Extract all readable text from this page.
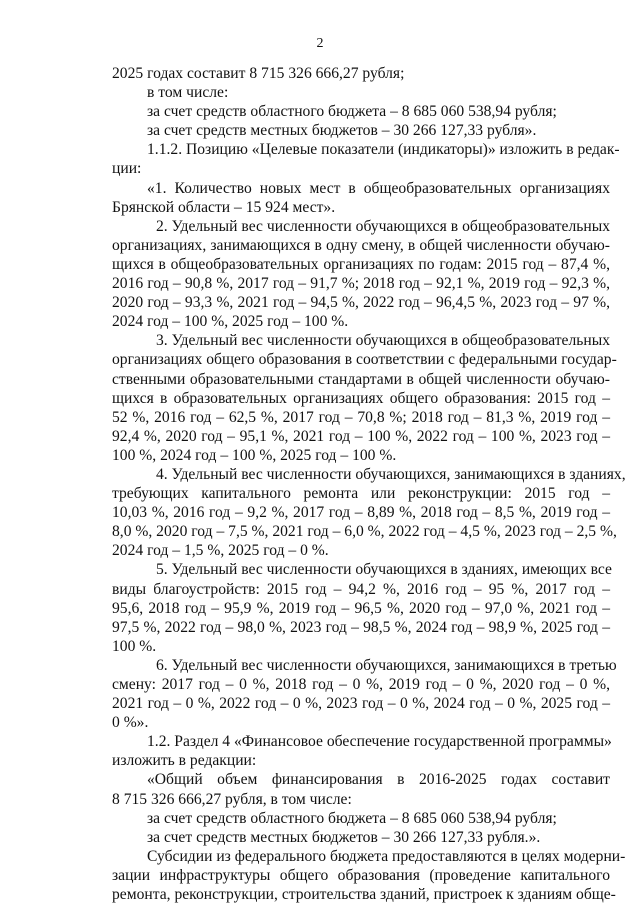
2
2025 годах составит 8 715 326 666,27 рубля;
в том числе:
за счет средств областного бюджета – 8 685 060 538,94 рубля;
за счет средств местных бюджетов – 30 266 127,33 рубля».
1.1.2. Позицию «Целевые показатели (индикаторы)» изложить в редак-
ции:
«1. Количество новых мест в общеобразовательных организациях
Брянской области – 15 924 мест».
2. Удельный вес численности обучающихся в общеобразовательных
организациях, занимающихся в одну смену, в общей численности обучаю-
щихся в общеобразовательных организациях по годам: 2015 год – 87,4 %,
2016 год – 90,8 %, 2017 год – 91,7 %; 2018 год – 92,1 %, 2019 год – 92,3 %,
2020 год – 93,3 %, 2021 год – 94,5 %, 2022 год – 96,4,5 %, 2023 год – 97 %,
2024 год – 100 %, 2025 год – 100 %.
3. Удельный вес численности обучающихся в общеобразовательных
организациях общего образования в соответствии с федеральными государ-
ственными образовательными стандартами в общей численности обучаю-
щихся в образовательных организациях общего образования: 2015 год –
52 %, 2016 год – 62,5 %, 2017 год – 70,8 %; 2018 год – 81,3 %, 2019 год –
92,4 %, 2020 год – 95,1 %, 2021 год – 100 %, 2022 год – 100 %, 2023 год –
100 %, 2024 год – 100 %, 2025 год – 100 %.
4. Удельный вес численности обучающихся, занимающихся в зданиях,
требующих капитального ремонта или реконструкции: 2015 год –
10,03 %, 2016 год – 9,2 %, 2017 год – 8,89 %, 2018 год – 8,5 %, 2019 год –
8,0 %, 2020 год – 7,5 %, 2021 год – 6,0 %, 2022 год – 4,5 %, 2023 год – 2,5 %,
2024 год – 1,5 %, 2025 год – 0 %.
5. Удельный вес численности обучающихся в зданиях, имеющих все
виды благоустройств: 2015 год – 94,2 %, 2016 год – 95 %, 2017 год –
95,6, 2018 год – 95,9 %, 2019 год – 96,5 %, 2020 год – 97,0 %, 2021 год –
97,5 %, 2022 год – 98,0 %, 2023 год – 98,5 %, 2024 год – 98,9 %, 2025 год –
100 %.
6. Удельный вес численности обучающихся, занимающихся в третью
смену: 2017 год – 0 %, 2018 год – 0 %, 2019 год – 0 %, 2020 год – 0 %,
2021 год – 0 %, 2022 год – 0 %, 2023 год – 0 %, 2024 год – 0 %, 2025 год –
0 %».
1.2. Раздел 4 «Финансовое обеспечение государственной программы»
изложить в редакции:
«Общий объем финансирования в 2016-2025 годах составит
8 715 326 666,27 рубля, в том числе:
за счет средств областного бюджета – 8 685 060 538,94 рубля;
за счет средств местных бюджетов – 30 266 127,33 рубля.».
Субсидии из федерального бюджета предоставляются в целях модерни-
зации инфраструктуры общего образования (проведение капитального
ремонта, реконструкции, строительства зданий, пристроек к зданиям обще-
